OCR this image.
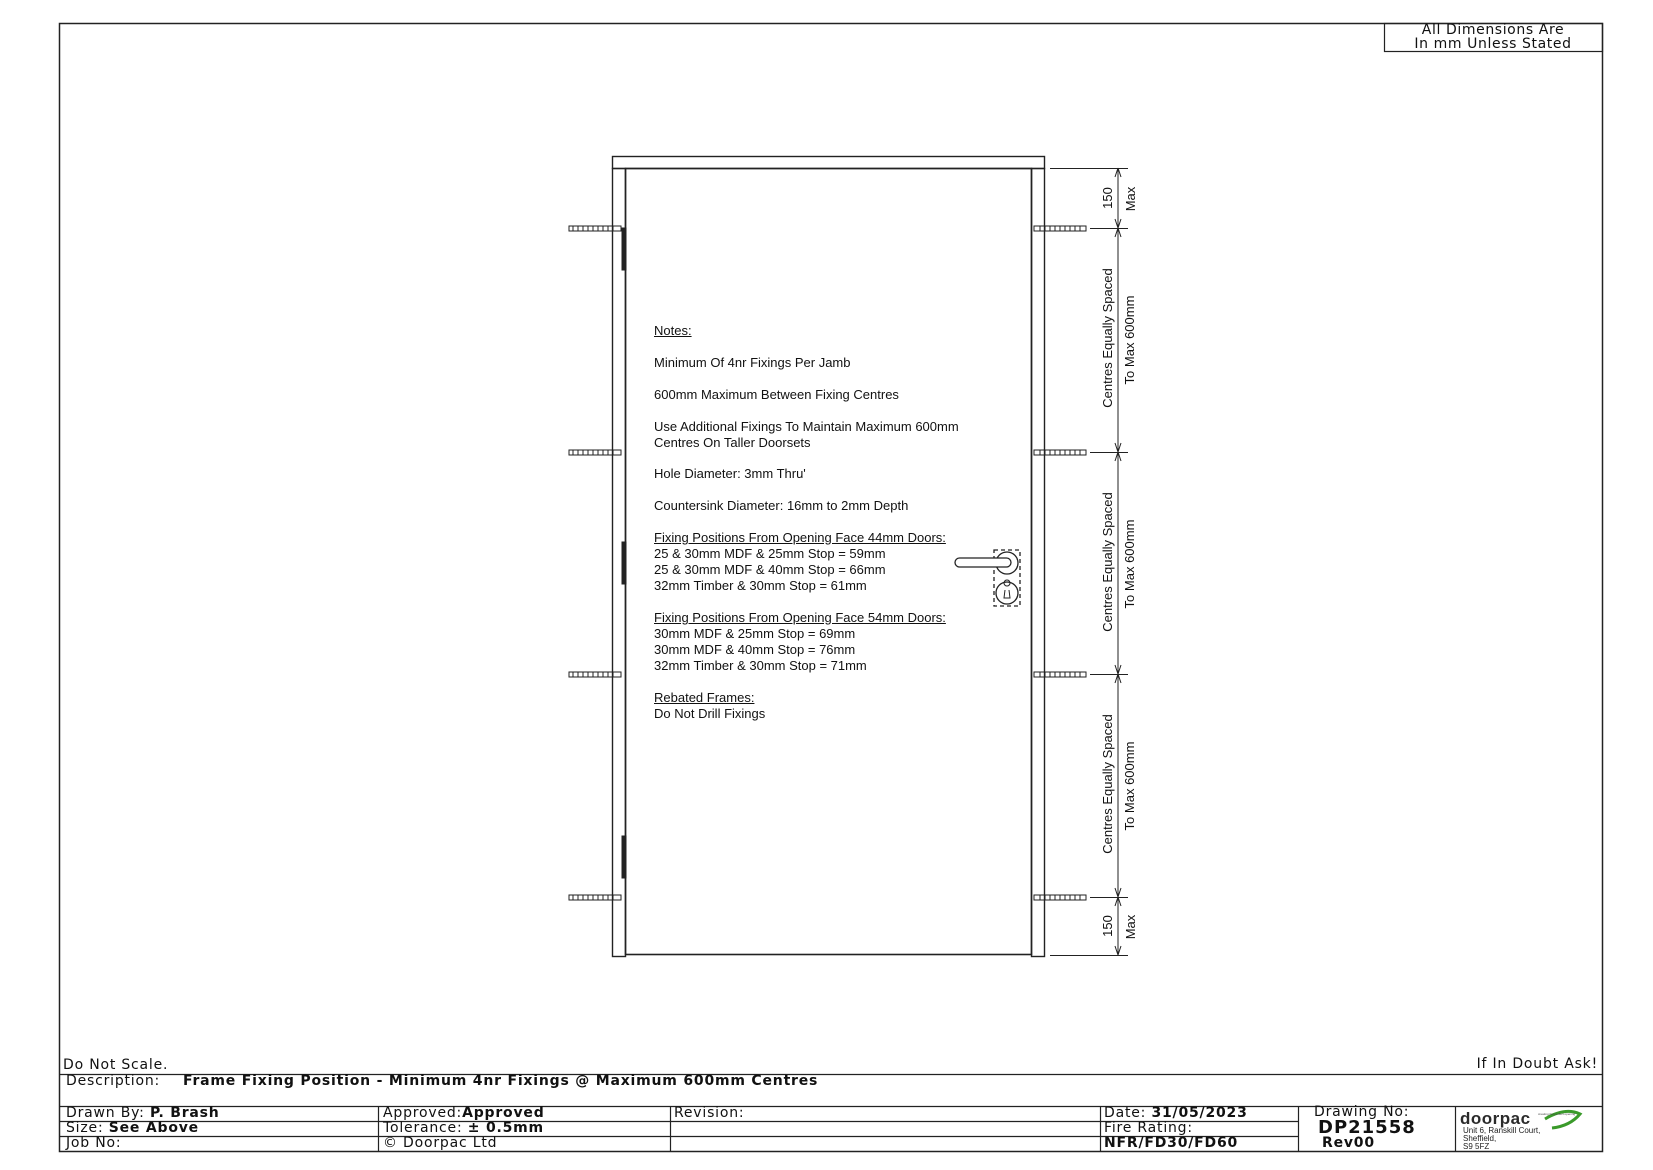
All Dimensions Are
In mm Unless Stated
Notes:
Minimum Of 4nr Fixings Per Jamb
600mm Maximum Between Fixing Centres
Use Additional Fixings To Maintain Maximum 600mm
Centres On Taller Doorsets
Hole Diameter: 3mm Thru'
Countersink Diameter: 16mm to 2mm Depth
Fixing Positions From Opening Face 44mm Doors:
25 & 30mm MDF & 25mm Stop = 59mm
25 & 30mm MDF & 40mm Stop = 66mm
32mm Timber & 30mm Stop = 61mm
Fixing Positions From Opening Face 54mm Doors:
30mm MDF & 25mm Stop = 69mm
30mm MDF & 40mm Stop = 76mm
32mm Timber & 30mm Stop = 71mm
Rebated Frames:
Do Not Drill Fixings
150 Max
Centres Equally Spaced To Max 600mm
Centres Equally Spaced To Max 600mm
Centres Equally Spaced To Max 600mm
150 Max
Do Not Scale.	If In Doubt Ask!
Description: Frame Fixing Position - Minimum 4nr Fixings @ Maximum 600mm Centres
Drawn By: P. Brash
Size: See Above
Job No:
Approved:Approved
Tolerance: ± 0.5mm
© Doorpac Ltd
Revision:	Date: 31/05/2023
Fire Rating:
NFR/FD30/FD60
Drawing No:
DP21558
Rev00
doorpac creating the perfect opening
Unit 6, Ranskill Court,
Sheffield,
S9 5FZ
